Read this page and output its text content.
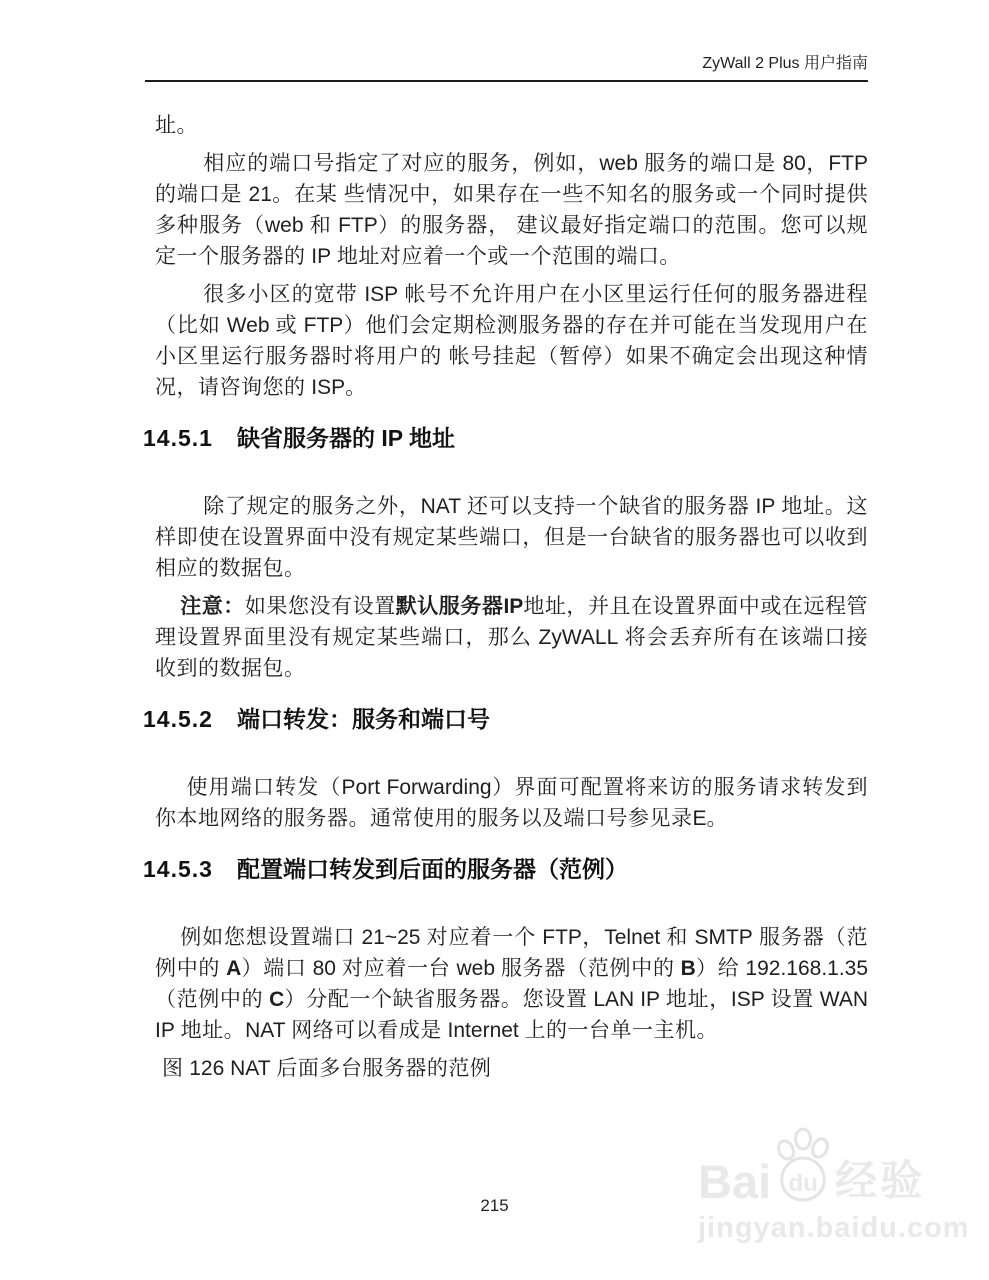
ZyWall 2 Plus 用户指南

址。

相应的端口号指定了对应的服务，例如，web 服务的端口是 80，FTP 的端口是 21。在某 些情况中，如果存在一些不知名的服务或一个同时提供多种服务（web 和 FTP）的服务器， 建议最好指定端口的范围。您可以规定一个服务器的 IP 地址对应着一个或一个范围的端口。

很多小区的宽带 ISP 帐号不允许用户在小区里运行任何的服务器进程（比如 Web 或 FTP）他们会定期检测服务器的存在并可能在当发现用户在小区里运行服务器时将用户的 帐号挂起（暂停）如果不确定会出现这种情况，请咨询您的 ISP。

14.5.1 缺省服务器的 IP 地址

除了规定的服务之外，NAT 还可以支持一个缺省的服务器 IP 地址。这样即使在设置界面中没有规定某些端口，但是一台缺省的服务器也可以收到相应的数据包。

注意：如果您没有设置默认服务器IP地址，并且在设置界面中或在远程管理设置界面里没有规定某些端口，那么 ZyWALL 将会丢弃所有在该端口接收到的数据包。

14.5.2 端口转发：服务和端口号

使用端口转发（Port Forwarding）界面可配置将来访的服务请求转发到你本地网络的服务器。通常使用的服务以及端口号参见录E。

14.5.3 配置端口转发到后面的服务器（范例）

例如您想设置端口 21~25 对应着一个 FTP，Telnet 和 SMTP 服务器（范例中的 A）端口 80 对应着一台 web 服务器（范例中的 B）给 192.168.1.35（范例中的 C）分配一个缺省服务器。您设置 LAN IP 地址，ISP 设置 WAN IP 地址。NAT 网络可以看成是 Internet 上的一台单一主机。

图 126 NAT 后面多台服务器的范例

Bai du 经验
jingyan.baidu.com
215
